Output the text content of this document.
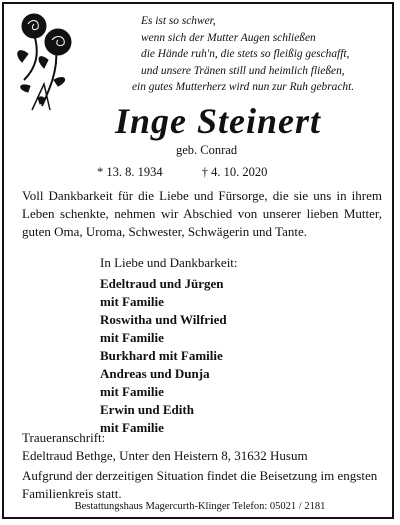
Es ist so schwer,
wenn sich der Mutter Augen schließen
die Hände ruh'n, die stets so fleißig geschafft,
und unsere Tränen still und heimlich fließen,
ein gutes Mutterherz wird nun zur Ruh gebracht.
Inge Steinert
geb. Conrad
* 13. 8. 1934	† 4. 10. 2020
Voll Dankbarkeit für die Liebe und Fürsorge, die sie uns in ihrem Leben schenkte, nehmen wir Abschied von unserer lieben Mutter, guten Oma, Uroma, Schwester, Schwägerin und Tante.
In Liebe und Dankbarkeit:
Edeltraud und Jürgen
mit Familie
Roswitha und Wilfried
mit Familie
Burkhard mit Familie
Andreas und Dunja
mit Familie
Erwin und Edith
mit Familie
Traueranschrift:
Edeltraud Bethge, Unter den Heistern 8, 31632 Husum
Aufgrund der derzeitigen Situation findet die Beisetzung im engsten Familienkreis statt.
Bestattungshaus Magercurth-Klinger Telefon: 05021 / 2181
